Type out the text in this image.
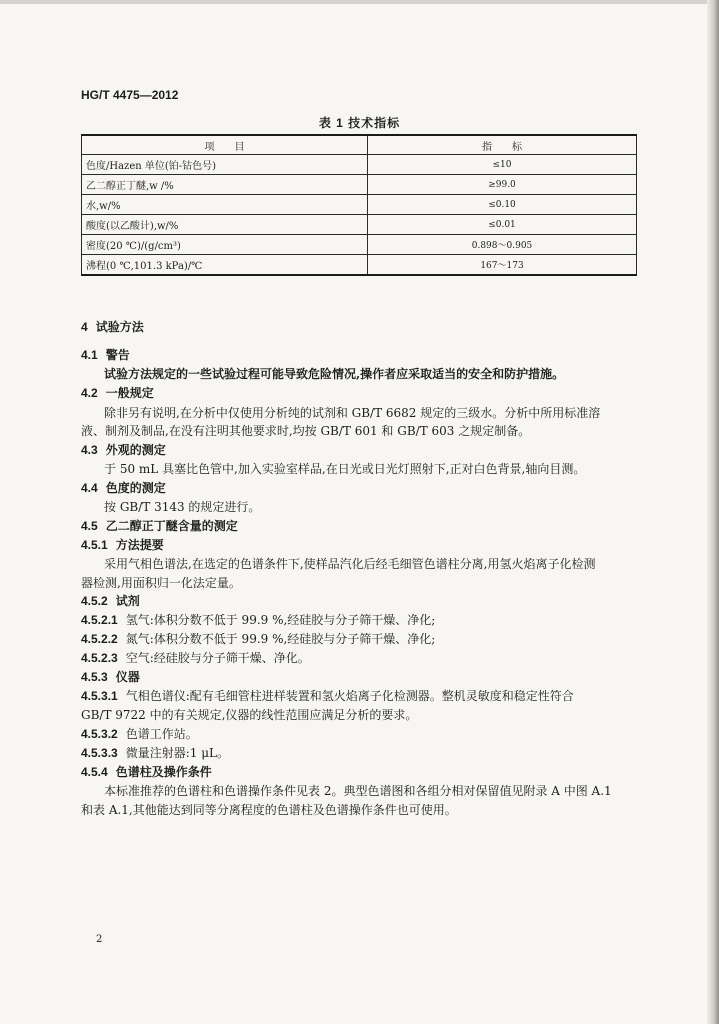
HG/T 4475—2012
表 1 技术指标
项　　目	指　　标
色度/Hazen 单位(铂-钴色号)	≤10
乙二醇正丁醚,w /%	≥99.0
水,w/%	≤0.10
酸度(以乙酸计),w/%	≤0.01
密度(20 ℃)/(g/cm³)	0.898～0.905
沸程(0 ℃,101.3 kPa)/℃	167～173
4 试验方法
4.1 警告
试验方法规定的一些试验过程可能导致危险情况,操作者应采取适当的安全和防护措施。
4.2 一般规定
除非另有说明,在分析中仅使用分析纯的试剂和 GB/T 6682 规定的三级水。分析中所用标准溶
液、制剂及制品,在没有注明其他要求时,均按 GB/T 601 和 GB/T 603 之规定制备。
4.3 外观的测定
于 50 mL 具塞比色管中,加入实验室样品,在日光或日光灯照射下,正对白色背景,轴向目测。
4.4 色度的测定
按 GB/T 3143 的规定进行。
4.5 乙二醇正丁醚含量的测定
4.5.1 方法提要
采用气相色谱法,在选定的色谱条件下,使样品汽化后经毛细管色谱柱分离,用氢火焰离子化检测
器检测,用面积归一化法定量。
4.5.2 试剂
4.5.2.1 氢气:体积分数不低于 99.9 %,经硅胶与分子筛干燥、净化;
4.5.2.2 氮气:体积分数不低于 99.9 %,经硅胶与分子筛干燥、净化;
4.5.2.3 空气:经硅胶与分子筛干燥、净化。
4.5.3 仪器
4.5.3.1 气相色谱仪:配有毛细管柱进样装置和氢火焰离子化检测器。整机灵敏度和稳定性符合
GB/T 9722 中的有关规定,仪器的线性范围应满足分析的要求。
4.5.3.2 色谱工作站。
4.5.3.3 微量注射器:1 μL。
4.5.4 色谱柱及操作条件
本标准推荐的色谱柱和色谱操作条件见表 2。典型色谱图和各组分相对保留值见附录 A 中图 A.1
和表 A.1,其他能达到同等分离程度的色谱柱及色谱操作条件也可使用。
2
